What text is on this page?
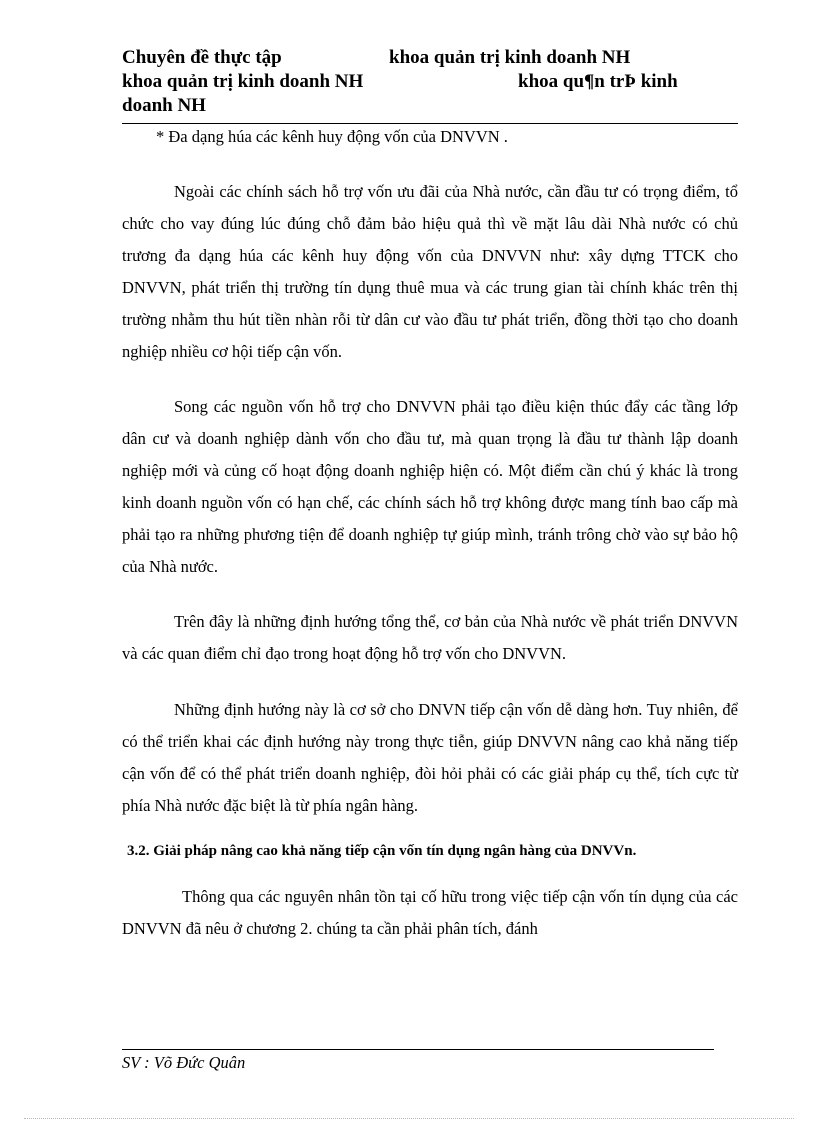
Chuyên đề thực tập	khoa quản trị kinh doanh NH
khoa quản trị kinh doanh NH	khoa qu¶n trÞ kinh
doanh NH

* Đa dạng húa các kênh huy động vốn của DNVVN .

Ngoài các chính sách hỗ trợ vốn ưu đãi của Nhà nước, cần đầu tư có trọng điểm, tổ chức cho vay đúng lúc đúng chỗ đảm bảo hiệu quả thì về mặt lâu dài Nhà nước có chủ trương đa dạng húa các kênh huy động vốn của DNVVN như: xây dựng TTCK cho DNVVN, phát triển thị trường tín dụng thuê mua và các trung gian tài chính khác trên thị trường nhằm thu hút tiền nhàn rỗi từ dân cư vào đầu tư phát triển, đồng thời tạo cho doanh nghiệp nhiều cơ hội tiếp cận vốn.

Song các nguồn vốn hỗ trợ cho DNVVN phải tạo điều kiện thúc đẩy các tầng lớp dân cư và doanh nghiệp dành vốn cho đầu tư, mà quan trọng là đầu tư thành lập doanh nghiệp mới và củng cố hoạt động doanh nghiệp hiện có. Một điểm cần chú ý khác là trong kinh doanh nguồn vốn có hạn chế, các chính sách hỗ trợ không được mang tính bao cấp mà phải tạo ra những phương tiện để doanh nghiệp tự giúp mình, tránh trông chờ vào sự bảo hộ của Nhà nước.

Trên đây là những định hướng tổng thể, cơ bản của Nhà nước về phát triển DNVVN và các quan điểm chỉ đạo trong hoạt động hỗ trợ vốn cho DNVVN.

Những định hướng này là cơ sở cho DNVN tiếp cận vốn dễ dàng hơn. Tuy nhiên, để có thể triển khai các định hướng này trong thực tiễn, giúp DNVVN nâng cao khả năng tiếp cận vốn để có thể phát triển doanh nghiệp, đòi hỏi phải có các giải pháp cụ thể, tích cực từ phía Nhà nước đặc biệt là từ phía ngân hàng.

3.2. Giải pháp nâng cao khả năng tiếp cận vốn tín dụng ngân hàng của DNVVn.

Thông qua các nguyên nhân tồn tại cố hữu trong việc tiếp cận vốn tín dụng của các DNVVN đã nêu ở chương 2. chúng ta cần phải phân tích, đánh

SV : Võ Đức Quân
